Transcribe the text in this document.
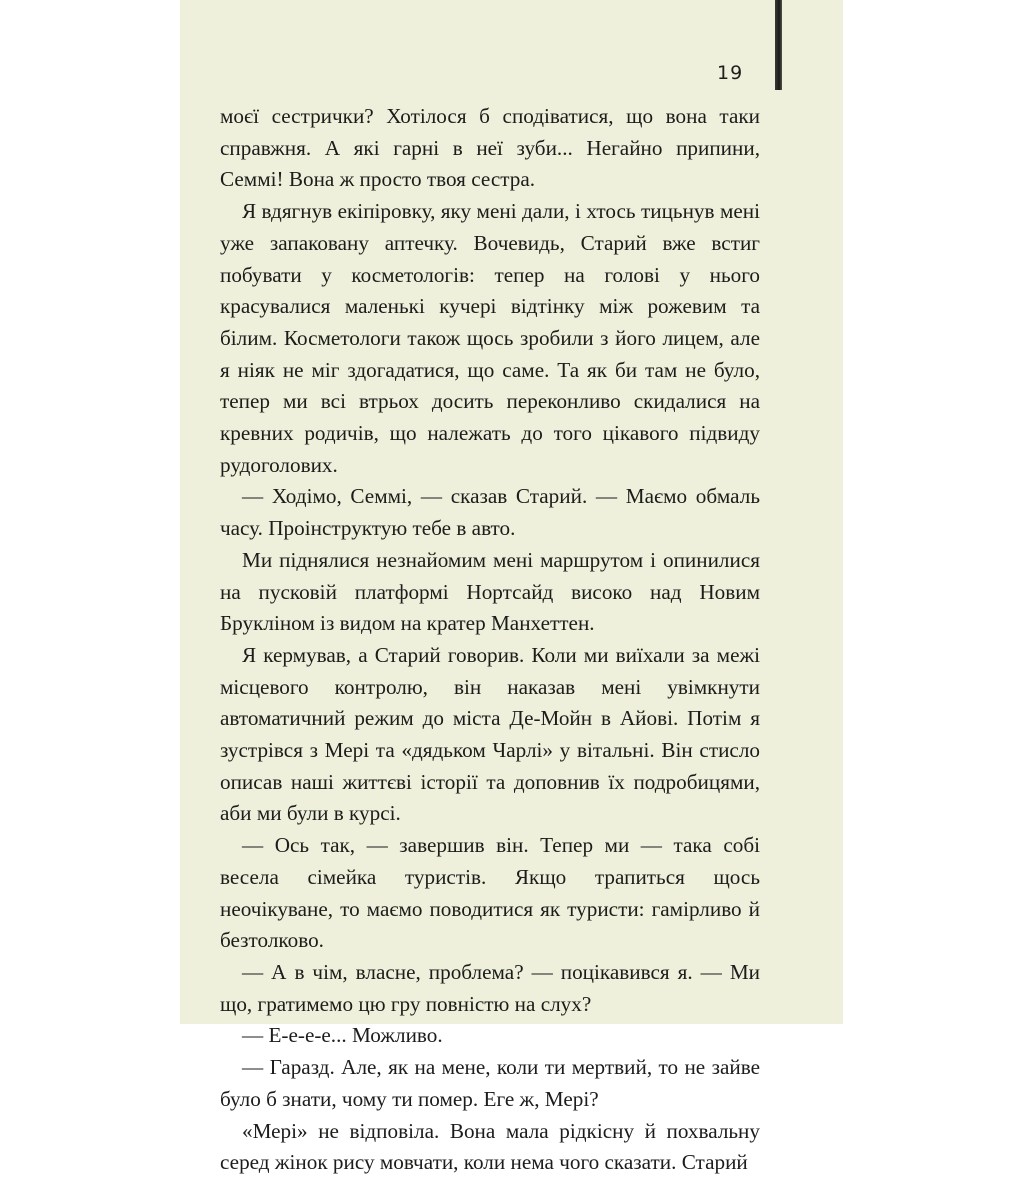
19

моєї сестрички? Хотілося б сподіватися, що вона таки справжня. А які гарні в неї зуби... Негайно припини, Семмі! Вона ж просто твоя сестра.

Я вдягнув екіпіровку, яку мені дали, і хтось тицьнув мені уже запаковану аптечку. Вочевидь, Старий вже встиг побувати у косметологів: тепер на голові у нього красувалися маленькі кучері відтінку між рожевим та білим. Косметологи також щось зробили з його лицем, але я ніяк не міг здогадатися, що саме. Та як би там не було, тепер ми всі втрьох досить переконливо скидалися на кревних родичів, що належать до того цікавого підвиду рудоголових.

— Ходімо, Семмі, — сказав Старий. — Маємо обмаль часу. Проінструктую тебе в авто.

Ми піднялися незнайомим мені маршрутом і опинилися на пусковій платформі Нортсайд високо над Новим Брукліном із видом на кратер Манхеттен.

Я кермував, а Старий говорив. Коли ми виїхали за межі місцевого контролю, він наказав мені увімкнути автоматичний режим до міста Де-Мойн в Айові. Потім я зустрівся з Мері та «дядьком Чарлі» у вітальні. Він стисло описав наші життєві історії та доповнив їх подробицями, аби ми були в курсі.

— Ось так, — завершив він. Тепер ми — така собі весела сімейка туристів. Якщо трапиться щось неочікуване, то маємо поводитися як туристи: гамірливо й безтолково.

— А в чім, власне, проблема? — поцікавився я. — Ми що, гратимемо цю гру повністю на слух?

— Е-е-е-е... Можливо.

— Гаразд. Але, як на мене, коли ти мертвий, то не зайве було б знати, чому ти помер. Еге ж, Мері?

«Мері» не відповіла. Вона мала рідкісну й похвальну серед жінок рису мовчати, коли нема чого сказати. Старий
